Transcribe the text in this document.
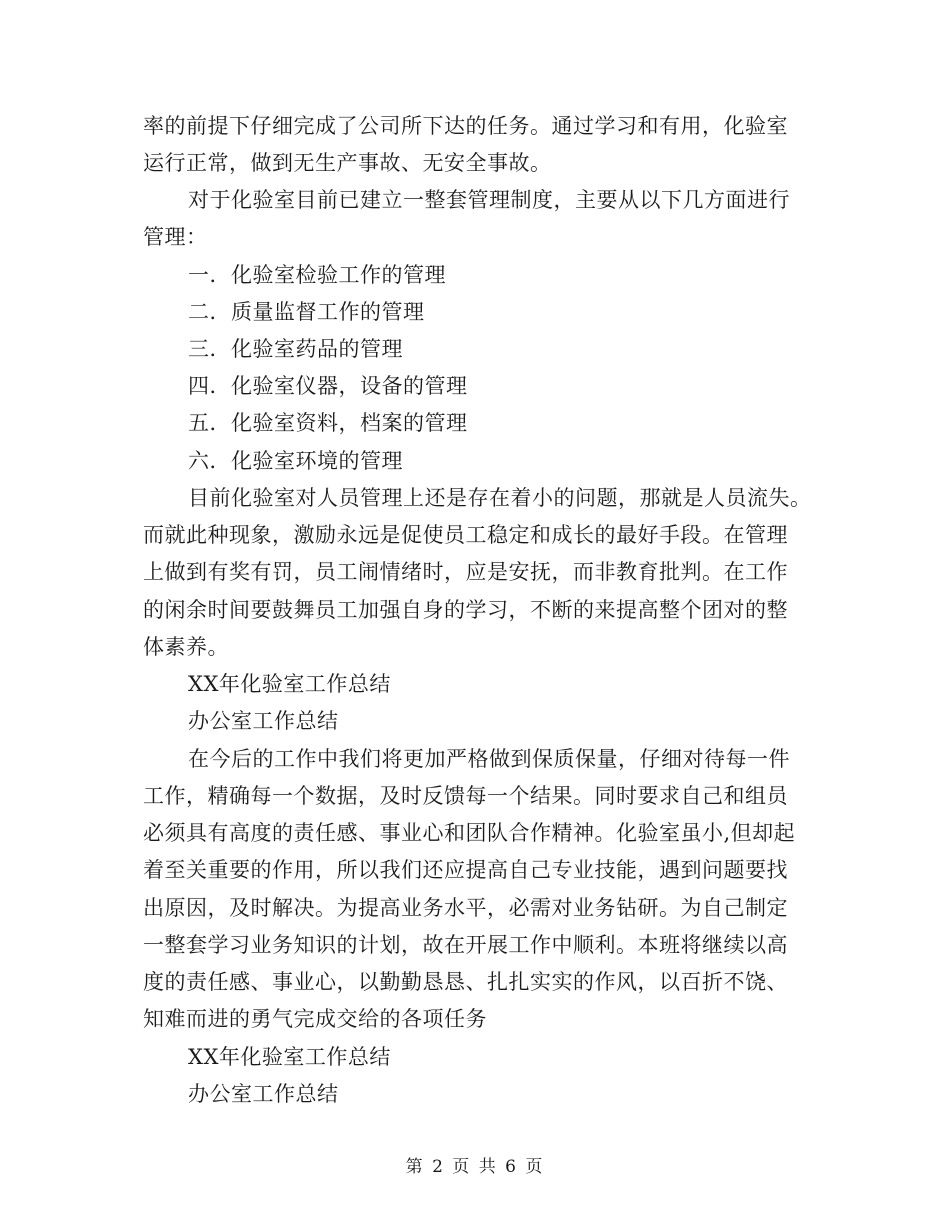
率的前提下仔细完成了公司所下达的任务。通过学习和有用，化验室
运行正常，做到无生产事故、无安全事故。
对于化验室目前已建立一整套管理制度，主要从以下几方面进行
管理：
一．化验室检验工作的管理
二．质量监督工作的管理
三．化验室药品的管理
四．化验室仪器，设备的管理
五．化验室资料，档案的管理
六．化验室环境的管理
目前化验室对人员管理上还是存在着小的问题，那就是人员流失。
而就此种现象，激励永远是促使员工稳定和成长的最好手段。在管理
上做到有奖有罚，员工闹情绪时，应是安抚，而非教育批判。在工作
的闲余时间要鼓舞员工加强自身的学习，不断的来提高整个团对的整
体素养。
XX年化验室工作总结
办公室工作总结
在今后的工作中我们将更加严格做到保质保量，仔细对待每一件
工作，精确每一个数据，及时反馈每一个结果。同时要求自己和组员
必须具有高度的责任感、事业心和团队合作精神。化验室虽小,但却起
着至关重要的作用，所以我们还应提高自己专业技能，遇到问题要找
出原因，及时解决。为提高业务水平，必需对业务钻研。为自己制定
一整套学习业务知识的计划，故在开展工作中顺利。本班将继续以高
度的责任感、事业心，以勤勤恳恳、扎扎实实的作风，以百折不饶、
知难而进的勇气完成交给的各项任务
XX年化验室工作总结
办公室工作总结
第 2 页 共 6 页
